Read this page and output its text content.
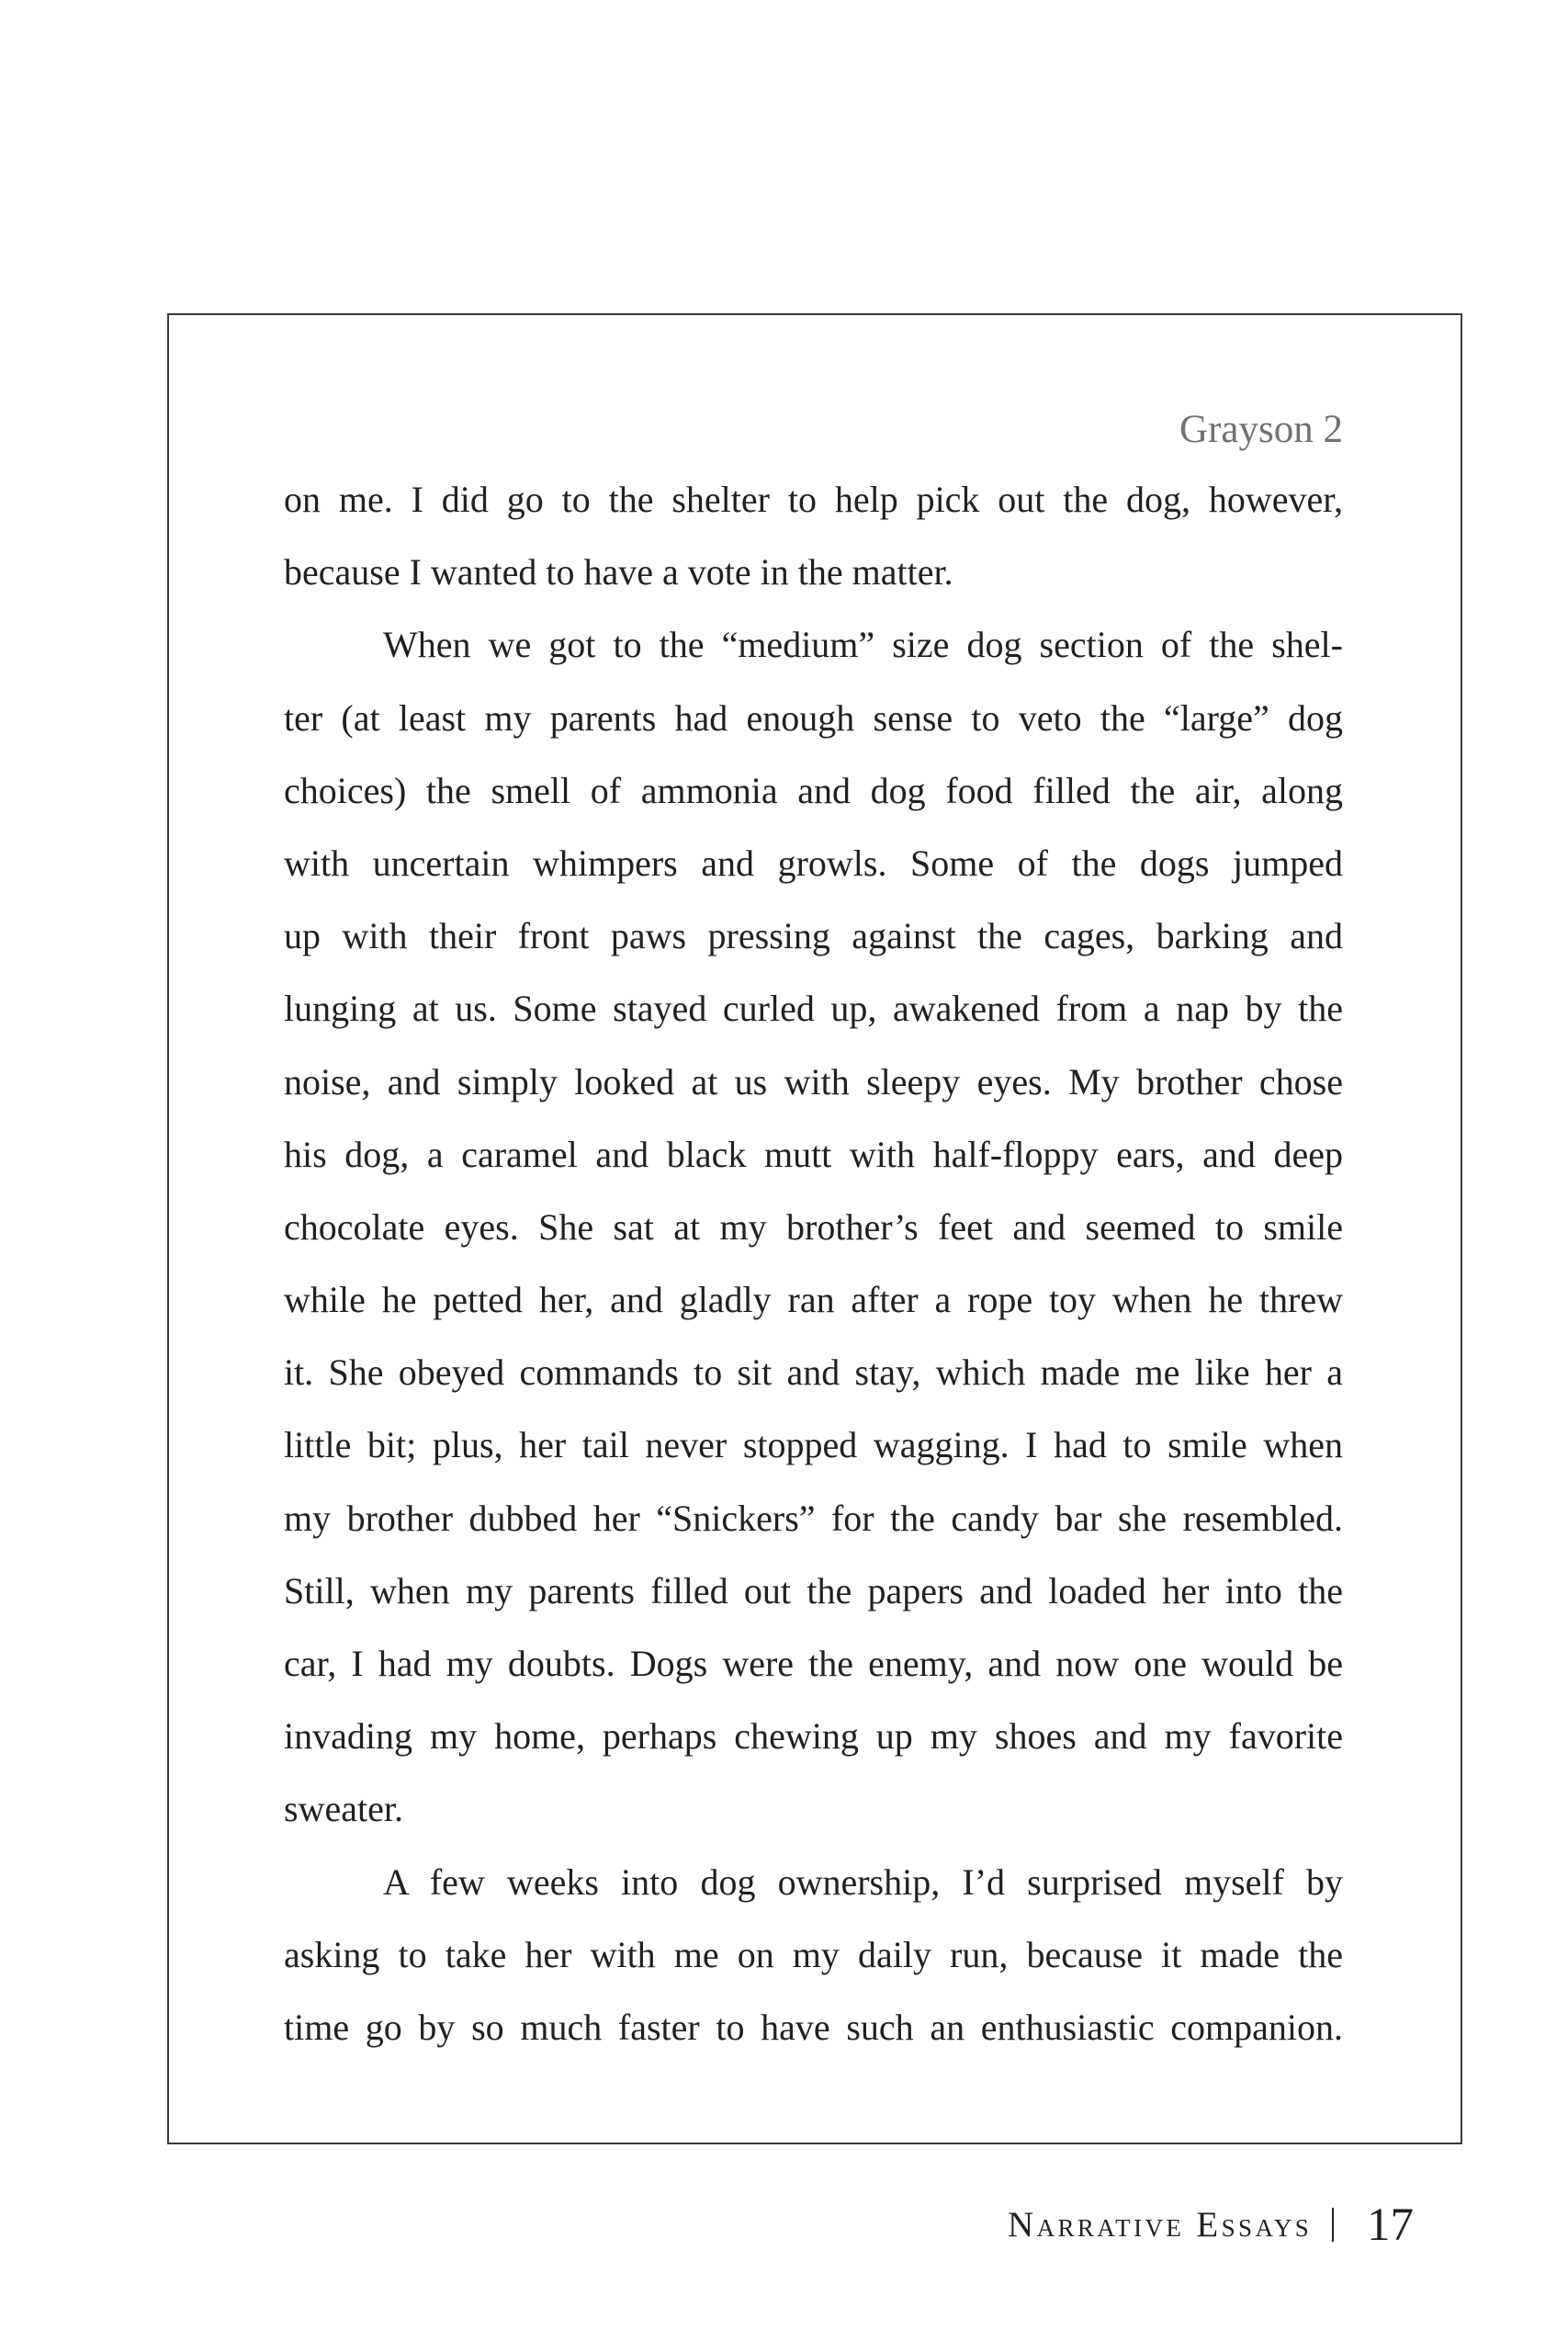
Grayson 2
on me. I did go to the shelter to help pick out the dog, however,
because I wanted to have a vote in the matter.
When we got to the “medium” size dog section of the shel-
ter (at least my parents had enough sense to veto the “large” dog
choices) the smell of ammonia and dog food filled the air, along
with uncertain whimpers and growls. Some of the dogs jumped
up with their front paws pressing against the cages, barking and
lunging at us. Some stayed curled up, awakened from a nap by the
noise, and simply looked at us with sleepy eyes. My brother chose
his dog, a caramel and black mutt with half-floppy ears, and deep
chocolate eyes. She sat at my brother’s feet and seemed to smile
while he petted her, and gladly ran after a rope toy when he threw
it. She obeyed commands to sit and stay, which made me like her a
little bit; plus, her tail never stopped wagging. I had to smile when
my brother dubbed her “Snickers” for the candy bar she resembled.
Still, when my parents filled out the papers and loaded her into the
car, I had my doubts. Dogs were the enemy, and now one would be
invading my home, perhaps chewing up my shoes and my favorite
sweater.
A few weeks into dog ownership, I’d surprised myself by
asking to take her with me on my daily run, because it made the
time go by so much faster to have such an enthusiastic companion.
Narrative Essays 17
